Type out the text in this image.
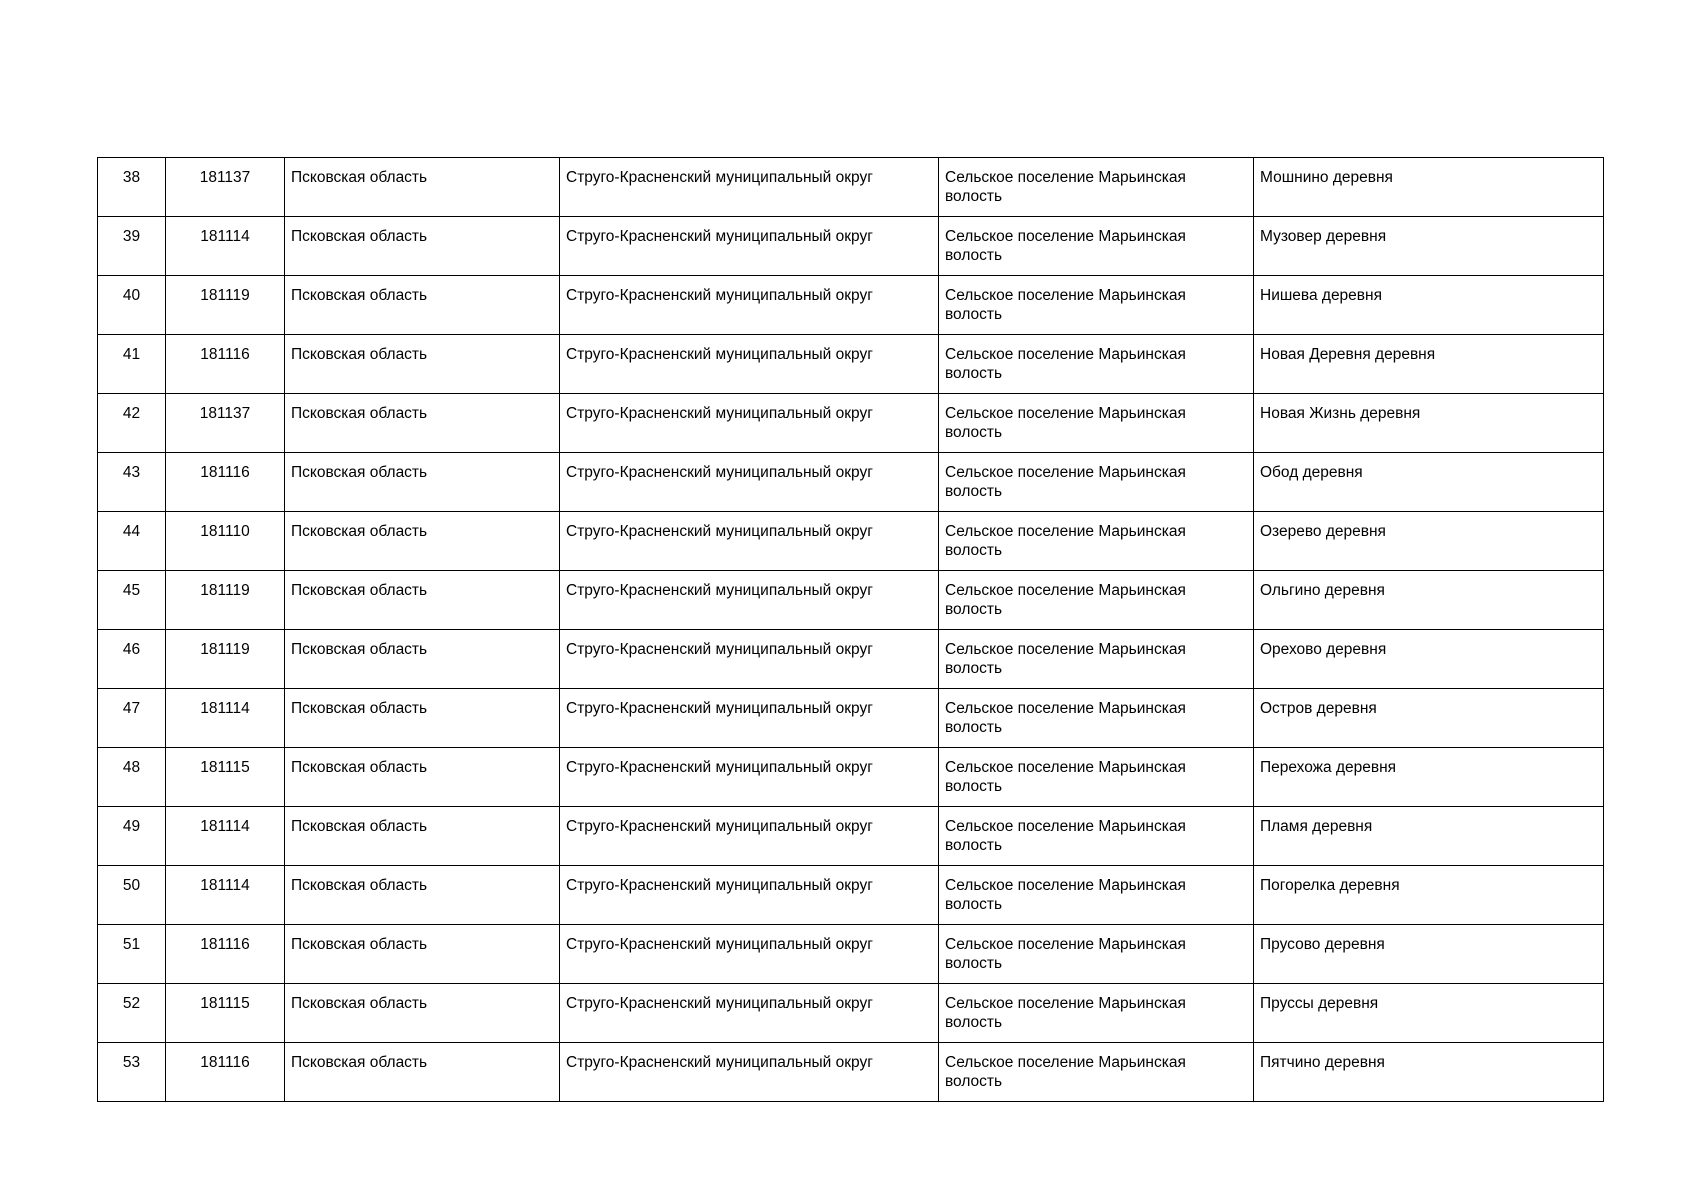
38	181137	Псковская область	Струго-Красненский муниципальный округ	Сельское поселение Марьинская волость	Мошнино деревня
39	181114	Псковская область	Струго-Красненский муниципальный округ	Сельское поселение Марьинская волость	Музовер деревня
40	181119	Псковская область	Струго-Красненский муниципальный округ	Сельское поселение Марьинская волость	Нишева деревня
41	181116	Псковская область	Струго-Красненский муниципальный округ	Сельское поселение Марьинская волость	Новая Деревня деревня
42	181137	Псковская область	Струго-Красненский муниципальный округ	Сельское поселение Марьинская волость	Новая Жизнь деревня
43	181116	Псковская область	Струго-Красненский муниципальный округ	Сельское поселение Марьинская волость	Обод деревня
44	181110	Псковская область	Струго-Красненский муниципальный округ	Сельское поселение Марьинская волость	Озерево деревня
45	181119	Псковская область	Струго-Красненский муниципальный округ	Сельское поселение Марьинская волость	Ольгино деревня
46	181119	Псковская область	Струго-Красненский муниципальный округ	Сельское поселение Марьинская волость	Орехово деревня
47	181114	Псковская область	Струго-Красненский муниципальный округ	Сельское поселение Марьинская волость	Остров деревня
48	181115	Псковская область	Струго-Красненский муниципальный округ	Сельское поселение Марьинская волость	Перехожа деревня
49	181114	Псковская область	Струго-Красненский муниципальный округ	Сельское поселение Марьинская волость	Пламя деревня
50	181114	Псковская область	Струго-Красненский муниципальный округ	Сельское поселение Марьинская волость	Погорелка деревня
51	181116	Псковская область	Струго-Красненский муниципальный округ	Сельское поселение Марьинская волость	Прусово деревня
52	181115	Псковская область	Струго-Красненский муниципальный округ	Сельское поселение Марьинская волость	Пруссы деревня
53	181116	Псковская область	Струго-Красненский муниципальный округ	Сельское поселение Марьинская волость	Пятчино деревня
